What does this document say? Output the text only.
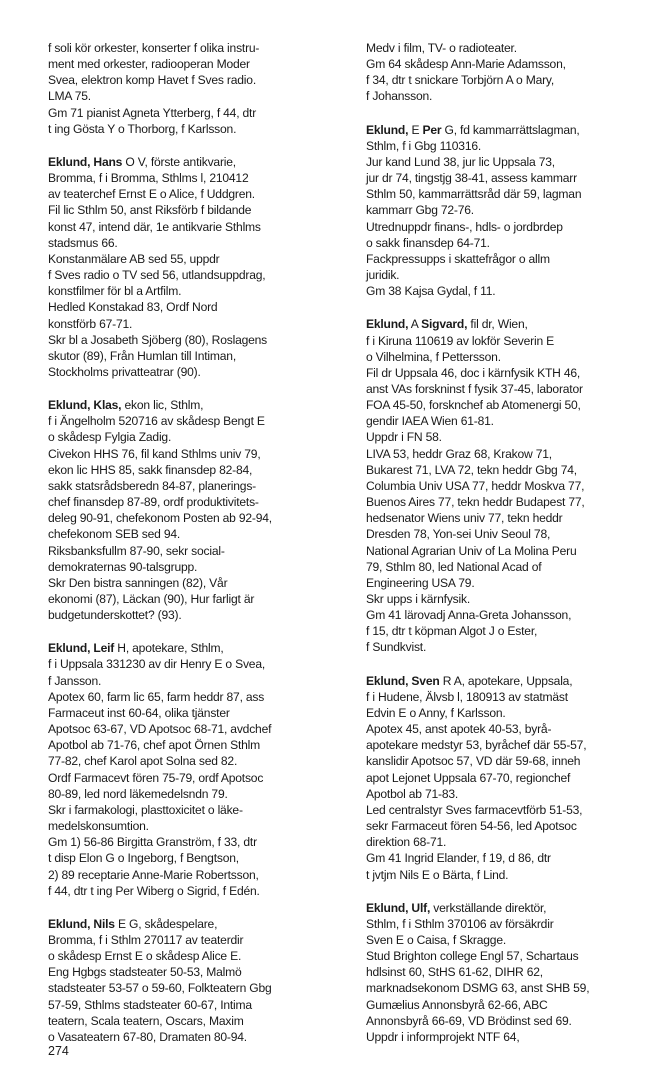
f soli kör orkester, konserter f olika instru-
ment med orkester, radiooperan Moder
Svea, elektron komp Havet f Sves radio.
LMA 75.
Gm 71 pianist Agneta Ytterberg, f 44, dtr
t ing Gösta Y o Thorborg, f Karlsson.
Eklund, Hans O V, förste antikvarie,
Bromma, f i Bromma, Sthlms l, 210412
av teaterchef Ernst E o Alice, f Uddgren.
Fil lic Sthlm 50, anst Riksförb f bildande
konst 47, intend där, 1e antikvarie Sthlms
stadsmus 66.
Konstanmälare AB sed 55, uppdr
f Sves radio o TV sed 56, utlandsuppdrag,
konstfilmer för bl a Artfilm.
Hedled Konstakad 83, Ordf Nord
konstförb 67-71.
Skr bl a Josabeth Sjöberg (80), Roslagens
skutor (89), Från Humlan till Intiman,
Stockholms privatteatrar (90).
Eklund, Klas, ekon lic, Sthlm,
f i Ängelholm 520716 av skådesp Bengt E
o skådesp Fylgia Zadig.
Civekon HHS 76, fil kand Sthlms univ 79,
ekon lic HHS 85, sakk finansdep 82-84,
sakk statsrådsberedn 84-87, planerings-
chef finansdep 87-89, ordf produktivitets-
deleg 90-91, chefekonom Posten ab 92-94,
chefekonom SEB sed 94.
Riksbanksfullm 87-90, sekr social-
demokraternas 90-talsgrupp.
Skr Den bistra sanningen (82), Vår
ekonomi (87), Läckan (90), Hur farligt är
budgetunderskottet? (93).
Eklund, Leif H, apotekare, Sthlm,
f i Uppsala 331230 av dir Henry E o Svea,
f Jansson.
Apotex 60, farm lic 65, farm heddr 87, ass
Farmaceut inst 60-64, olika tjänster
Apotsoc 63-67, VD Apotsoc 68-71, avdchef
Apotbol ab 71-76, chef apot Örnen Sthlm
77-82, chef Karol apot Solna sed 82.
Ordf Farmacevt fören 75-79, ordf Apotsoc
80-89, led nord läkemedelsndn 79.
Skr i farmakologi, plasttoxicitet o läke-
medelskonsumtion.
Gm 1) 56-86 Birgitta Granström, f 33, dtr
t disp Elon G o Ingeborg, f Bengtson,
2) 89 receptarie Anne-Marie Robertsson,
f 44, dtr t ing Per Wiberg o Sigrid, f Edén.
Eklund, Nils E G, skådespelare,
Bromma, f i Sthlm 270117 av teaterdir
o skådesp Ernst E o skådesp Alice E.
Eng Hgbgs stadsteater 50-53, Malmö
stadsteater 53-57 o 59-60, Folkteatern Gbg
57-59, Sthlms stadsteater 60-67, Intima
teatern, Scala teatern, Oscars, Maxim
o Vasateatern 67-80, Dramaten 80-94.
Medv i film, TV- o radioteater.
Gm 64 skådesp Ann-Marie Adamsson,
f 34, dtr t snickare Torbjörn A o Mary,
f Johansson.
Eklund, E Per G, fd kammarrättslagman,
Sthlm, f i Gbg 110316.
Jur kand Lund 38, jur lic Uppsala 73,
jur dr 74, tingstjg 38-41, assess kammarr
Sthlm 50, kammarrättsråd där 59, lagman
kammarr Gbg 72-76.
Utrednuppdr finans-, hdls- o jordbrdep
o sakk finansdep 64-71.
Fackpressupps i skattefrågor o allm
juridik.
Gm 38 Kajsa Gydal, f 11.
Eklund, A Sigvard, fil dr, Wien,
f i Kiruna 110619 av lokför Severin E
o Vilhelmina, f Pettersson.
Fil dr Uppsala 46, doc i kärnfysik KTH 46,
anst VAs forskninst f fysik 37-45, laborator
FOA 45-50, forsknchef ab Atomenergi 50,
gendir IAEA Wien 61-81.
Uppdr i FN 58.
LIVA 53, heddr Graz 68, Krakow 71,
Bukarest 71, LVA 72, tekn heddr Gbg 74,
Columbia Univ USA 77, heddr Moskva 77,
Buenos Aires 77, tekn heddr Budapest 77,
hedsenator Wiens univ 77, tekn heddr
Dresden 78, Yon-sei Univ Seoul 78,
National Agrarian Univ of La Molina Peru
79, Sthlm 80, led National Acad of
Engineering USA 79.
Skr upps i kärnfysik.
Gm 41 lärovadj Anna-Greta Johansson,
f 15, dtr t köpman Algot J o Ester,
f Sundkvist.
Eklund, Sven R A, apotekare, Uppsala,
f i Hudene, Älvsb l, 180913 av statmäst
Edvin E o Anny, f Karlsson.
Apotex 45, anst apotek 40-53, byrå-
apotekare medstyr 53, byråchef där 55-57,
kanslidir Apotsoc 57, VD där 59-68, inneh
apot Lejonet Uppsala 67-70, regionchef
Apotbol ab 71-83.
Led centralstyr Sves farmacevtförb 51-53,
sekr Farmaceut fören 54-56, led Apotsoc
direktion 68-71.
Gm 41 Ingrid Elander, f 19, d 86, dtr
t jvtjm Nils E o Bärta, f Lind.
Eklund, Ulf, verkställande direktör,
Sthlm, f i Sthlm 370106 av försäkrdir
Sven E o Caisa, f Skragge.
Stud Brighton college Engl 57, Schartaus
hdlsinst 60, StHS 61-62, DIHR 62,
marknadsekonom DSMG 63, anst SHB 59,
Gumælius Annonsbyrå 62-66, ABC
Annonsbyrå 66-69, VD Brödinst sed 69.
Uppdr i informprojekt NTF 64,
274
